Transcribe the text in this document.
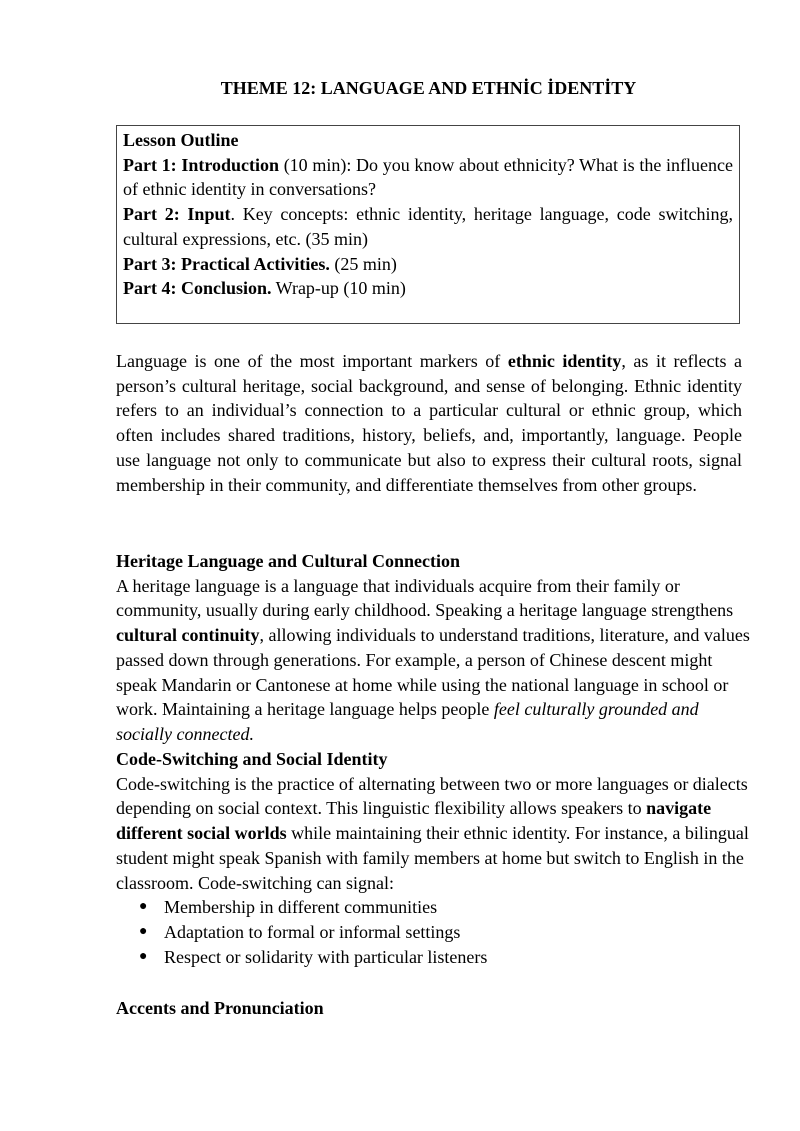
THEME 12: LANGUAGE AND ETHNİC İDENTİTY

Lesson Outline

Part 1: Introduction (10 min): Do you know about ethnicity? What is the influence of ethnic identity in conversations?

Part 2: Input. Key concepts: ethnic identity, heritage language, code switching, cultural expressions, etc. (35 min)

Part 3: Practical Activities. (25 min)

Part 4: Conclusion. Wrap-up (10 min)

Language is one of the most important markers of ethnic identity, as it reflects a person’s cultural heritage, social background, and sense of belonging. Ethnic identity refers to an individual’s connection to a particular cultural or ethnic group, which often includes shared traditions, history, beliefs, and, importantly, language. People use language not only to communicate but also to express their cultural roots, signal membership in their community, and differentiate themselves from other groups.

Heritage Language and Cultural Connection

A heritage language is a language that individuals acquire from their family or community, usually during early childhood. Speaking a heritage language strengthens cultural continuity, allowing individuals to understand traditions, literature, and values passed down through generations. For example, a person of Chinese descent might speak Mandarin or Cantonese at home while using the national language in school or work. Maintaining a heritage language helps people feel culturally grounded and socially connected.

Code-Switching and Social Identity

Code-switching is the practice of alternating between two or more languages or dialects depending on social context. This linguistic flexibility allows speakers to navigate different social worlds while maintaining their ethnic identity. For instance, a bilingual student might speak Spanish with family members at home but switch to English in the classroom. Code-switching can signal:

● Membership in different communities
● Adaptation to formal or informal settings
● Respect or solidarity with particular listeners
Accents and Pronunciation
